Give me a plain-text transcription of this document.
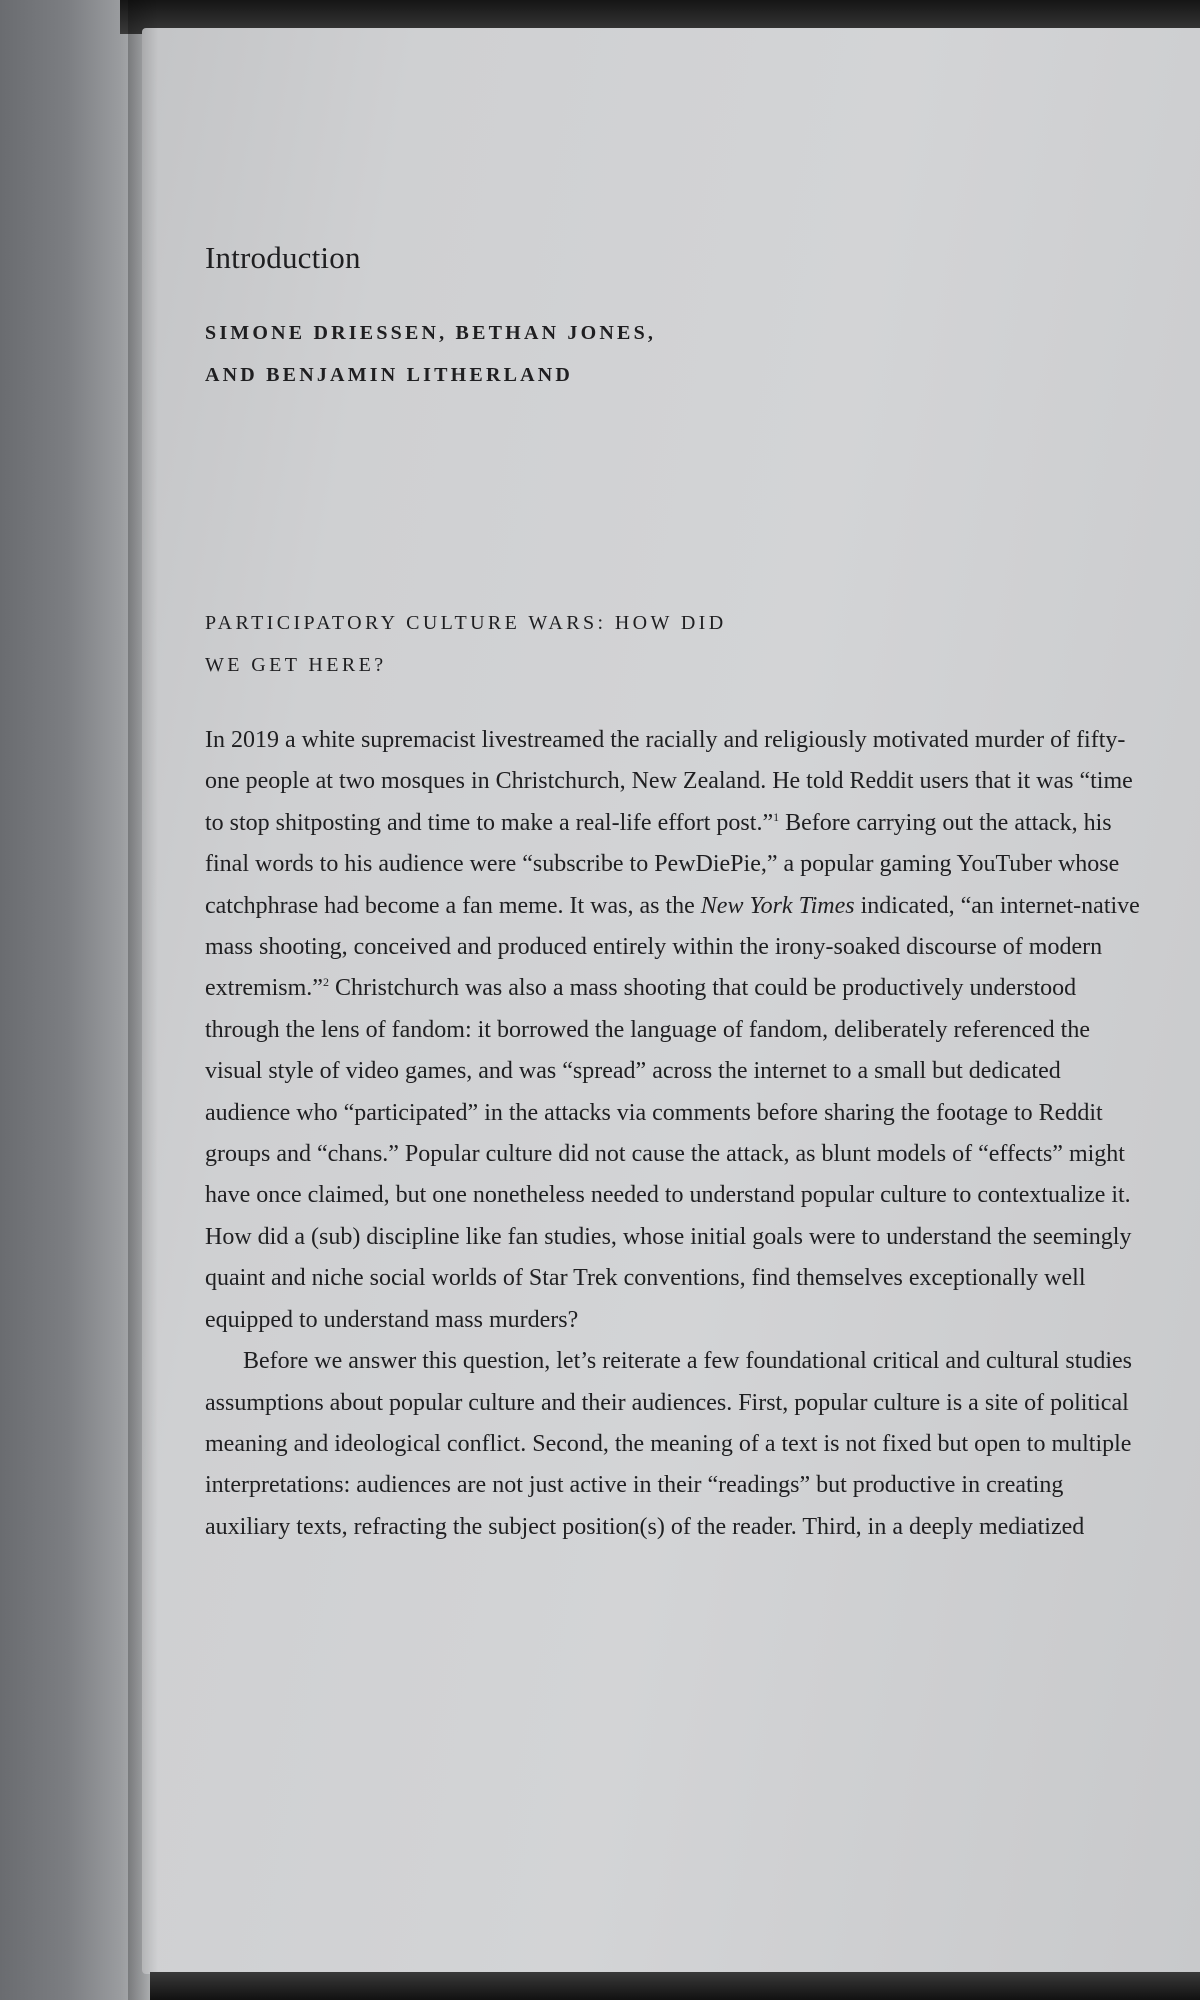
Introduction

SIMONE DRIESSEN, BETHAN JONES,

AND BENJAMIN LITHERLAND

PARTICIPATORY CULTURE WARS: HOW DID
WE GET HERE?

In 2019 a white supremacist livestreamed the racially and religiously motivated murder of fifty-one people at two mosques in Christchurch, New Zealand. He told Reddit users that it was “time to stop shitposting and time to make a real-life effort post.”$^1$ Before carrying out the attack, his final words to his audience were “subscribe to PewDiePie,” a popular gaming YouTuber whose catchphrase had become a fan meme. It was, as the New York Times indicated, “an internet-native mass shooting, conceived and produced entirely within the irony-soaked discourse of modern extremism.”$^2$ Christchurch was also a mass shooting that could be productively understood through the lens of fandom: it borrowed the language of fandom, deliberately referenced the visual style of video games, and was “spread” across the internet to a small but dedicated audience who “participated” in the attacks via comments before sharing the footage to Reddit groups and “chans.” Popular culture did not cause the attack, as blunt models of “effects” might have once claimed, but one nonetheless needed to understand popular culture to contextualize it. How did a (sub) discipline like fan studies, whose initial goals were to understand the seemingly quaint and niche social worlds of Star Trek conventions, find themselves exceptionally well equipped to understand mass murders?

Before we answer this question, let’s reiterate a few foundational critical and cultural studies assumptions about popular culture and their audiences. First, popular culture is a site of political meaning and ideological conflict. Second, the meaning of a text is not fixed but open to multiple interpretations: audiences are not just active in their “readings” but productive in creating auxiliary texts, refracting the subject position(s) of the reader. Third, in a deeply mediatized
